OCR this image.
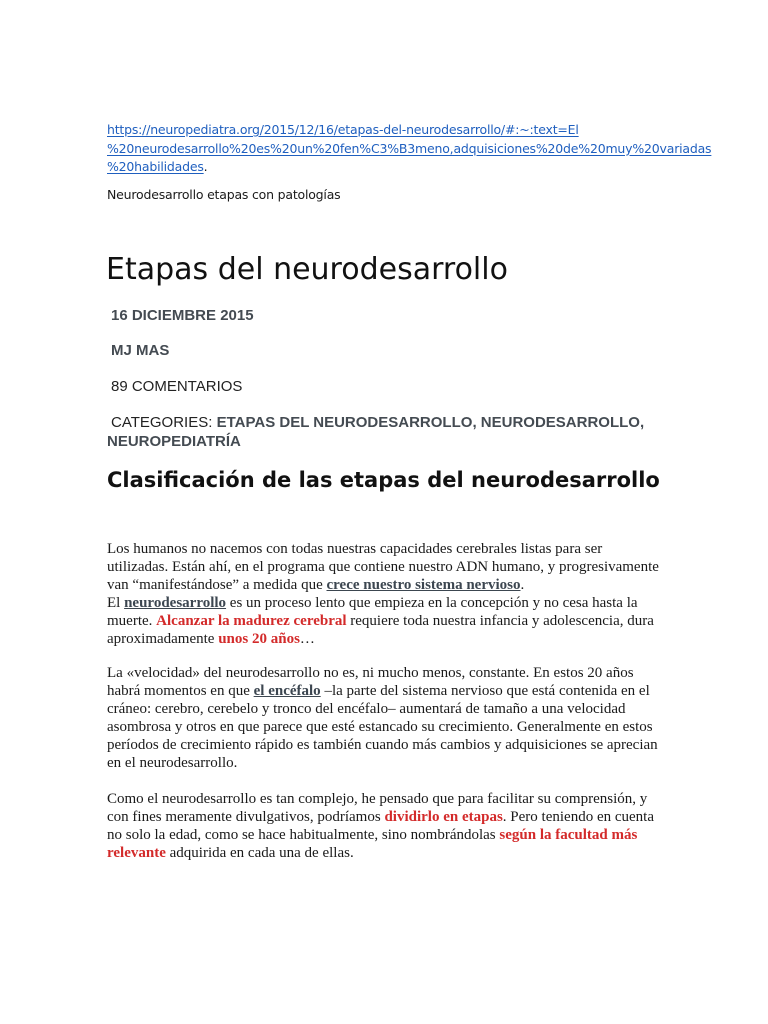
https://neuropediatra.org/2015/12/16/etapas-del-neurodesarrollo/#:~:text=El
%20neurodesarrollo%20es%20un%20fen%C3%B3meno,adquisiciones%20de%20muy%20variadas
%20habilidades.
Neurodesarrollo etapas con patologías
Etapas del neurodesarrollo
16 DICIEMBRE 2015
MJ MAS
89 COMENTARIOS
CATEGORIES: ETAPAS DEL NEURODESARROLLO, NEURODESARROLLO, NEUROPEDIATRÍA
Clasificación de las etapas del neurodesarrollo

Los humanos no nacemos con todas nuestras capacidades cerebrales listas para ser utilizadas. Están ahí, en el programa que contiene nuestro ADN humano, y progresivamente van “manifestándose” a medida que crece nuestro sistema nervioso.
El neurodesarrollo es un proceso lento que empieza en la concepción y no cesa hasta la muerte. Alcanzar la madurez cerebral requiere toda nuestra infancia y adolescencia, dura aproximadamente unos 20 años…

La «velocidad» del neurodesarrollo no es, ni mucho menos, constante. En estos 20 años habrá momentos en que el encéfalo –la parte del sistema nervioso que está contenida en el cráneo: cerebro, cerebelo y tronco del encéfalo– aumentará de tamaño a una velocidad asombrosa y otros en que parece que esté estancado su crecimiento. Generalmente en estos períodos de crecimiento rápido es también cuando más cambios y adquisiciones se aprecian en el neurodesarrollo.

Como el neurodesarrollo es tan complejo, he pensado que para facilitar su comprensión, y con fines meramente divulgativos, podríamos dividirlo en etapas. Pero teniendo en cuenta no solo la edad, como se hace habitualmente, sino nombrándolas según la facultad más relevante adquirida en cada una de ellas.
